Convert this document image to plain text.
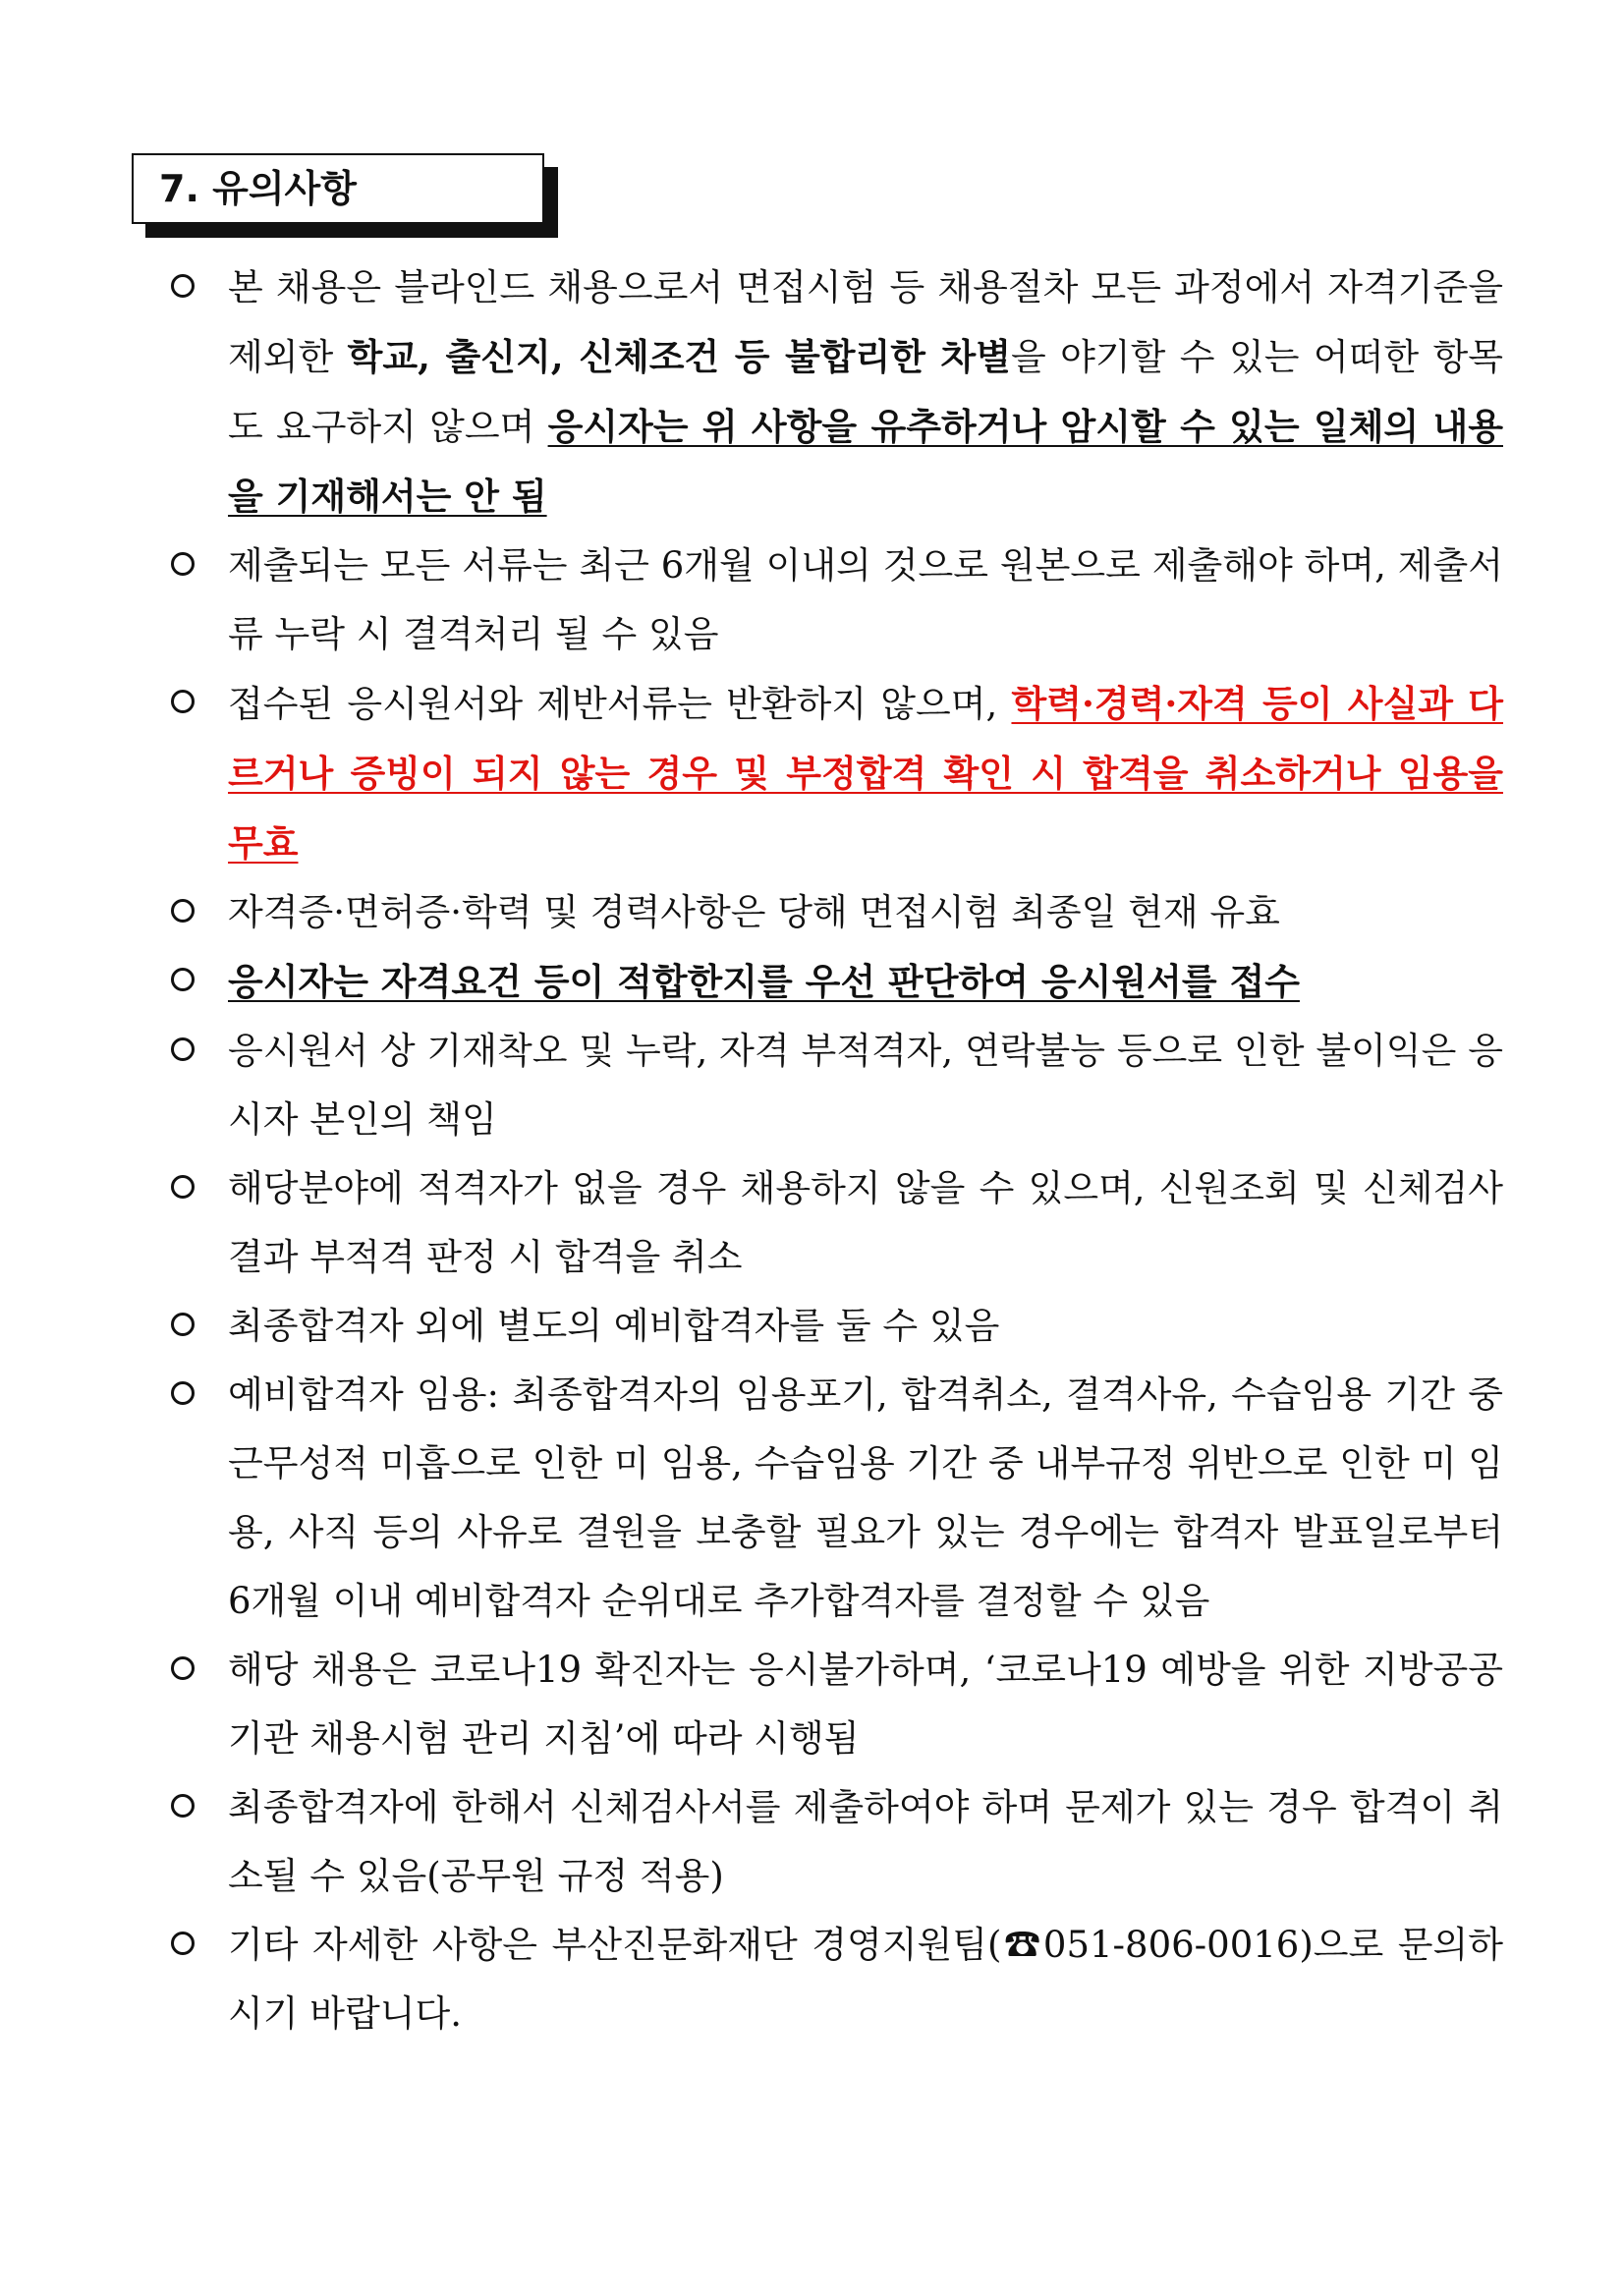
7. 유의사항
본 채용은 블라인드 채용으로서 면접시험 등 채용절차 모든 과정에서 자격기준을 제외한 학교, 출신지, 신체조건 등 불합리한 차별을 야기할 수 있는 어떠한 항목도 요구하지 않으며 응시자는 위 사항을 유추하거나 암시할 수 있는 일체의 내용을 기재해서는 안 됨
제출되는 모든 서류는 최근 6개월 이내의 것으로 원본으로 제출해야 하며, 제출서류 누락 시 결격처리 될 수 있음
접수된 응시원서와 제반서류는 반환하지 않으며, 학력·경력·자격 등이 사실과 다르거나 증빙이 되지 않는 경우 및 부정합격 확인 시 합격을 취소하거나 임용을 무효
자격증·면허증·학력 및 경력사항은 당해 면접시험 최종일 현재 유효
응시자는 자격요건 등이 적합한지를 우선 판단하여 응시원서를 접수
응시원서 상 기재착오 및 누락, 자격 부적격자, 연락불능 등으로 인한 불이익은 응시자 본인의 책임
해당분야에 적격자가 없을 경우 채용하지 않을 수 있으며, 신원조회 및 신체검사 결과 부적격 판정 시 합격을 취소
최종합격자 외에 별도의 예비합격자를 둘 수 있음
예비합격자 임용: 최종합격자의 임용포기, 합격취소, 결격사유, 수습임용 기간 중 근무성적 미흡으로 인한 미 임용, 수습임용 기간 중 내부규정 위반으로 인한 미 임용, 사직 등의 사유로 결원을 보충할 필요가 있는 경우에는 합격자 발표일로부터 6개월 이내 예비합격자 순위대로 추가합격자를 결정할 수 있음
해당 채용은 코로나19 확진자는 응시불가하며, ‘코로나19 예방을 위한 지방공공기관 채용시험 관리 지침’에 따라 시행됨
최종합격자에 한해서 신체검사서를 제출하여야 하며 문제가 있는 경우 합격이 취소될 수 있음(공무원 규정 적용)
기타 자세한 사항은 부산진문화재단 경영지원팀(☎051-806-0016)으로 문의하시기 바랍니다.
